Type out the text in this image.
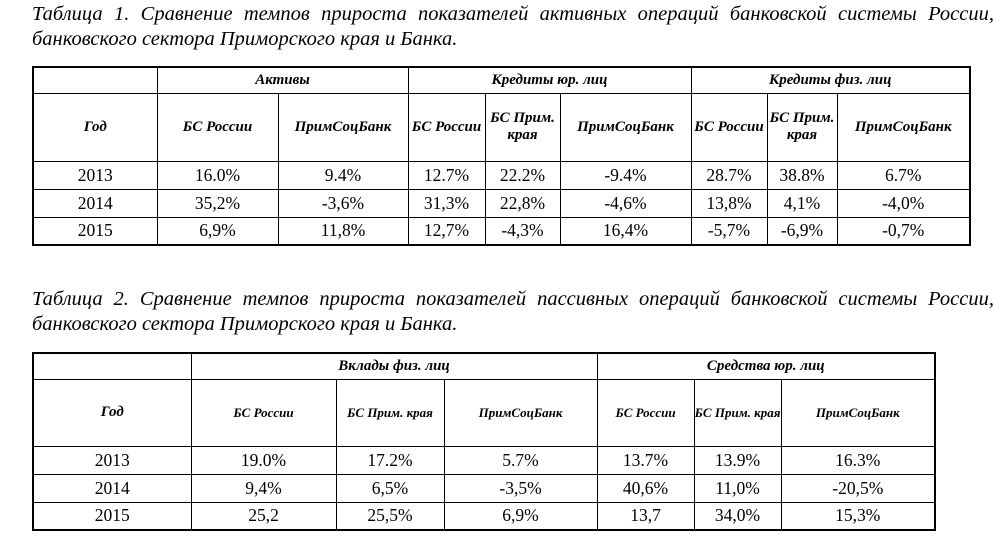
Таблица 1. Сравнение темпов прироста показателей активных операций банковской системы России, банковского сектора Приморского края и Банка.

	Активы		Кредиты юр. лиц			Кредиты физ. лиц		
Год	БС России	ПримСоцБанк	БС России	БС Прим. края	ПримСоцБанк	БС России	БС Прим. края	ПримСоцБанк
2013	16.0%	9.4%	12.7%	22.2%	-9.4%	28.7%	38.8%	6.7%
2014	35,2%	-3,6%	31,3%	22,8%	-4,6%	13,8%	4,1%	-4,0%
2015	6,9%	11,8%	12,7%	-4,3%	16,4%	-5,7%	-6,9%	-0,7%

Таблица 2. Сравнение темпов прироста показателей пассивных операций банковской системы России, банковского сектора Приморского края и Банка.

	Вклады физ. лиц			Средства юр. лиц		
Год	БС России	БС Прим. края	ПримСоцБанк	БС России	БС Прим. края	ПримСоцБанк
2013	19.0%	17.2%	5.7%	13.7%	13.9%	16.3%
2014	9,4%	6,5%	-3,5%	40,6%	11,0%	-20,5%
2015	25,2	25,5%	6,9%	13,7	34,0%	15,3%
